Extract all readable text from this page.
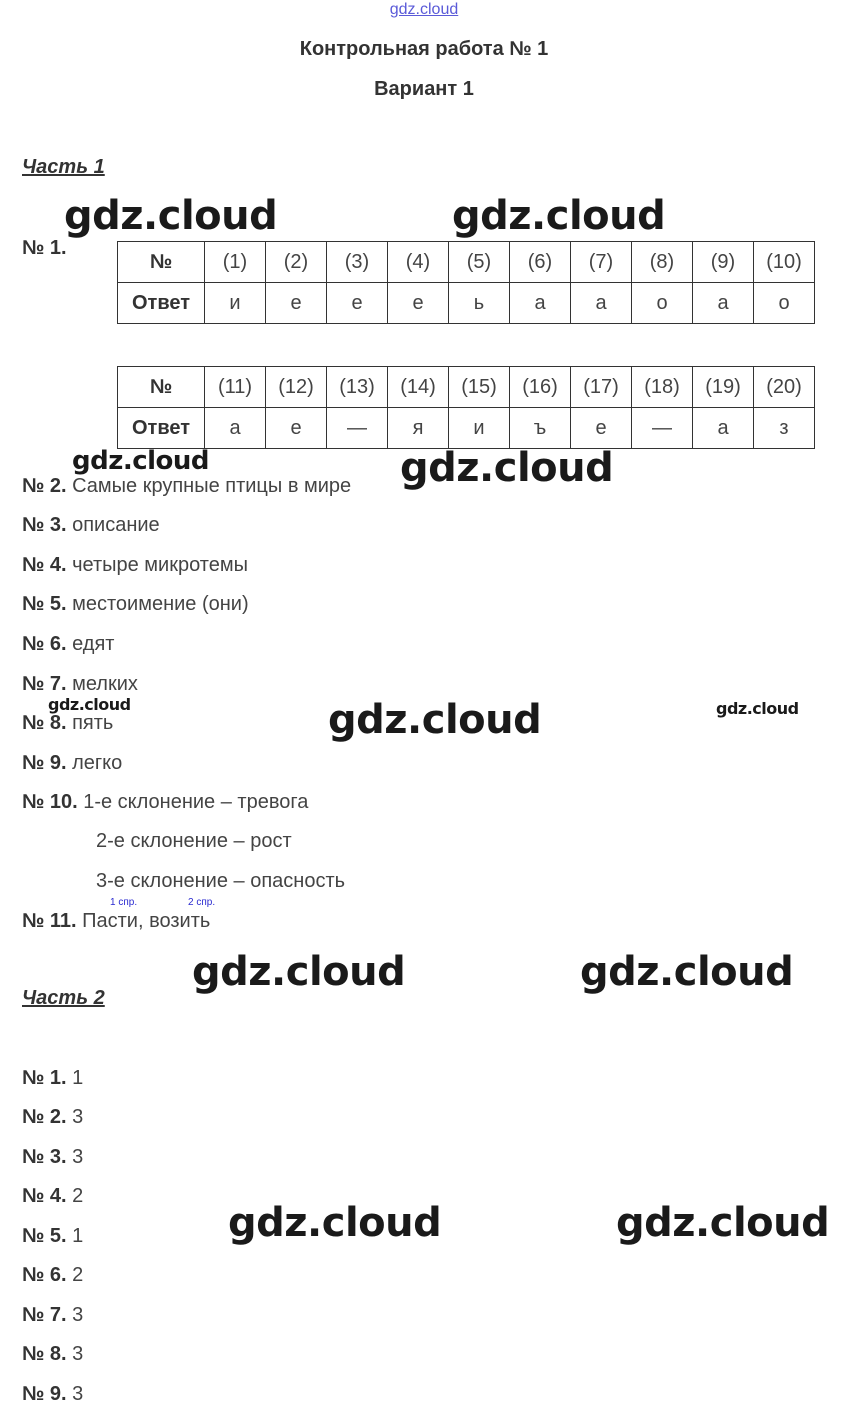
gdz.cloud
Контрольная работа № 1
Вариант 1
Часть 1
gdz.cloud	gdz.cloud
№ 1.
№	(1)	(2)	(3)	(4)	(5)	(6)	(7)	(8)	(9)	(10)
Ответ	и	е	е	е	ь	а	а	о	а	о
№	(11)	(12)	(13)	(14)	(15)	(16)	(17)	(18)	(19)	(20)
Ответ	а	е	—	я	и	ъ	е	—	а	з
gdz.cloud	gdz.cloud
№ 2. Самые крупные птицы в мире
№ 3. описание
№ 4. четыре микротемы
№ 5. местоимение (они)
№ 6. едят
№ 7. мелких
gdz.cloud
№ 8. пять	gdz.cloud	gdz.cloud
№ 9. легко
№ 10. 1-е склонение – тревога
2-е склонение – рост
3-е склонение – опасность
1 спр.	2 спр.
№ 11. Пасти, возить
gdz.cloud	gdz.cloud
Часть 2
№ 1. 1
№ 2. 3
№ 3. 3
№ 4. 2
gdz.cloud	gdz.cloud
№ 5. 1
№ 6. 2
№ 7. 3
№ 8. 3
№ 9. 3
